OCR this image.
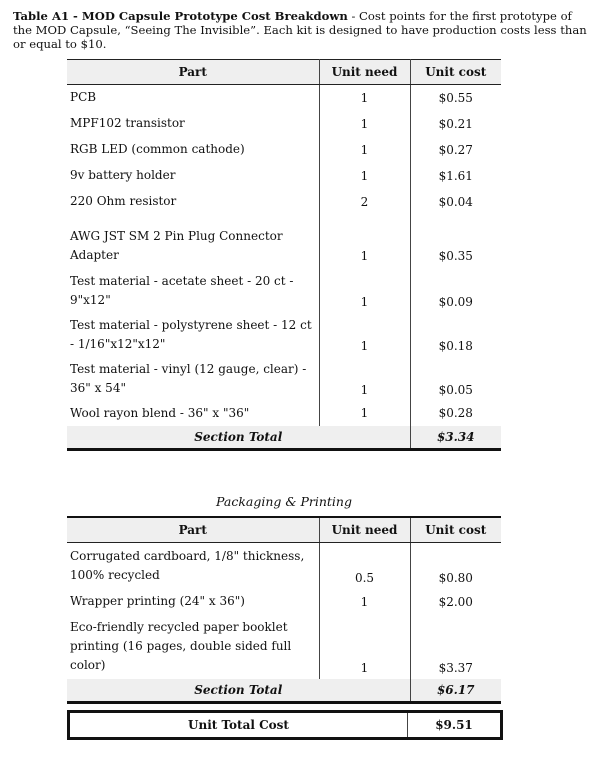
Table A1 - MOD Capsule Prototype Cost Breakdown - Cost points for the first prototype of the MOD Capsule, “Seeing The Invisible”. Each kit is designed to have production costs less than or equal to $10.
Part	Unit need	Unit cost
PCB	1	$0.55
MPF102 transistor	1	$0.21
RGB LED (common cathode)	1	$0.27
9v battery holder	1	$1.61
220 Ohm resistor	2	$0.04
AWG JST SM 2 Pin Plug Connector Adapter	1	$0.35
Test material - acetate sheet - 20 ct - 9"x12"	1	$0.09
Test material - polystyrene sheet - 12 ct - 1/16"x12"x12"	1	$0.18
Test material - vinyl (12 gauge, clear) - 36" x 54"	1	$0.05
Wool rayon blend - 36" x "36"	1	$0.28
Section Total		$3.34
Packaging & Printing
Part	Unit need	Unit cost
Corrugated cardboard, 1/8" thickness, 100% recycled	0.5	$0.80
Wrapper printing (24" x 36")	1	$2.00
Eco-friendly recycled paper booklet printing (16 pages, double sided full color)	1	$3.37
Section Total		$6.17
Unit Total Cost	$9.51
